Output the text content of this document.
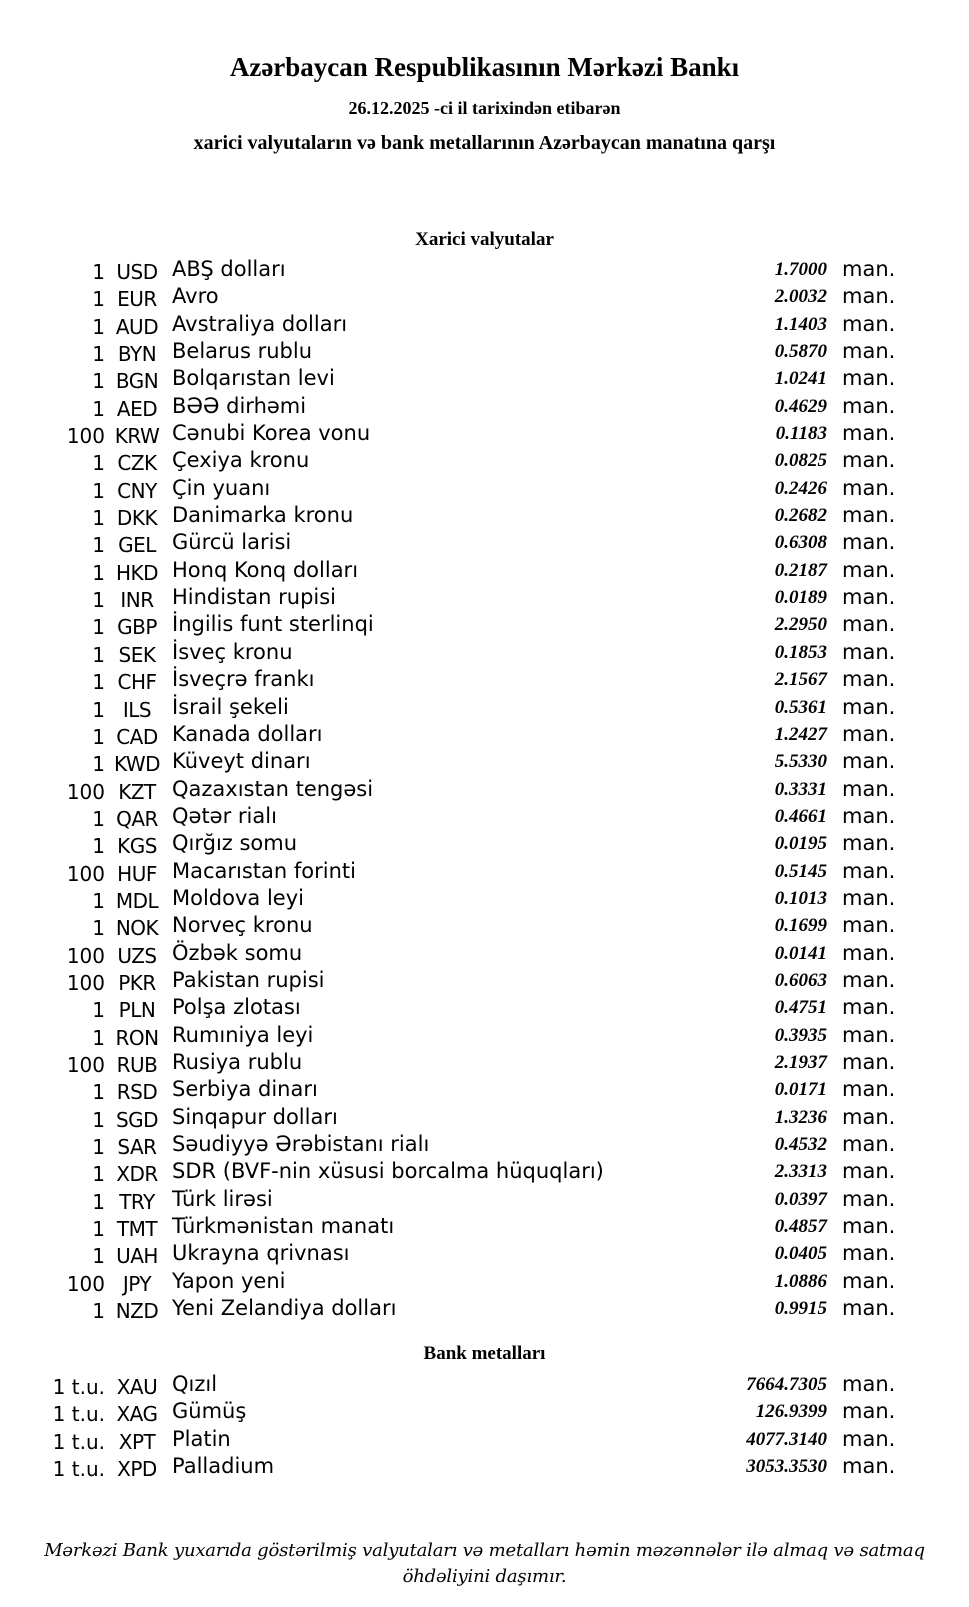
Azərbaycan Respublikasının Mərkəzi Bankı
26.12.2025 -ci il tarixindən etibarən
xarici valyutaların və bank metallarının Azərbaycan manatına qarşı
Xarici valyutalar
1 USD ABŞ dolları	1.7000 man.
1 EUR Avro	2.0032 man.
1 AUD Avstraliya dolları	1.1403 man.
1 BYN Belarus rublu	0.5870 man.
1 BGN Bolqarıstan levi	1.0241 man.
1 AED BƏƏ dirhəmi	0.4629 man.
100 KRW Cənubi Korea vonu	0.1183 man.
1 CZK Çexiya kronu	0.0825 man.
1 CNY Çin yuanı	0.2426 man.
1 DKK Danimarka kronu	0.2682 man.
1 GEL Gürcü larisi	0.6308 man.
1 HKD Honq Konq dolları	0.2187 man.
1 INR Hindistan rupisi	0.0189 man.
1 GBP İngilis funt sterlinqi	2.2950 man.
1 SEK İsveç kronu	0.1853 man.
1 CHF İsveçrə frankı	2.1567 man.
1 ILS İsrail şekeli	0.5361 man.
1 CAD Kanada dolları	1.2427 man.
1 KWD Küveyt dinarı	5.5330 man.
100 KZT Qazaxıstan tengəsi	0.3331 man.
1 QAR Qətər rialı	0.4661 man.
1 KGS Qırğız somu	0.0195 man.
100 HUF Macarıstan forinti	0.5145 man.
1 MDL Moldova leyi	0.1013 man.
1 NOK Norveç kronu	0.1699 man.
100 UZS Özbək somu	0.0141 man.
100 PKR Pakistan rupisi	0.6063 man.
1 PLN Polşa zlotası	0.4751 man.
1 RON Rumıniya leyi	0.3935 man.
100 RUB Rusiya rublu	2.1937 man.
1 RSD Serbiya dinarı	0.0171 man.
1 SGD Sinqapur dolları	1.3236 man.
1 SAR Səudiyyə Ərəbistanı rialı	0.4532 man.
1 XDR SDR (BVF-nin xüsusi borcalma hüquqları)	2.3313 man.
1 TRY Türk lirəsi	0.0397 man.
1 TMT Türkmənistan manatı	0.4857 man.
1 UAH Ukrayna qrivnası	0.0405 man.
100 JPY Yapon yeni	1.0886 man.
1 NZD Yeni Zelandiya dolları	0.9915 man.
Bank metalları
1 t.u. XAU Qızıl	7664.7305 man.
1 t.u. XAG Gümüş	126.9399 man.
1 t.u. XPT Platin	4077.3140 man.
1 t.u. XPD Palladium	3053.3530 man.
Mərkəzi Bank yuxarıda göstərilmiş valyutaları və metalları həmin məzənnələr ilə almaq və satmaq öhdəliyini daşımır.
